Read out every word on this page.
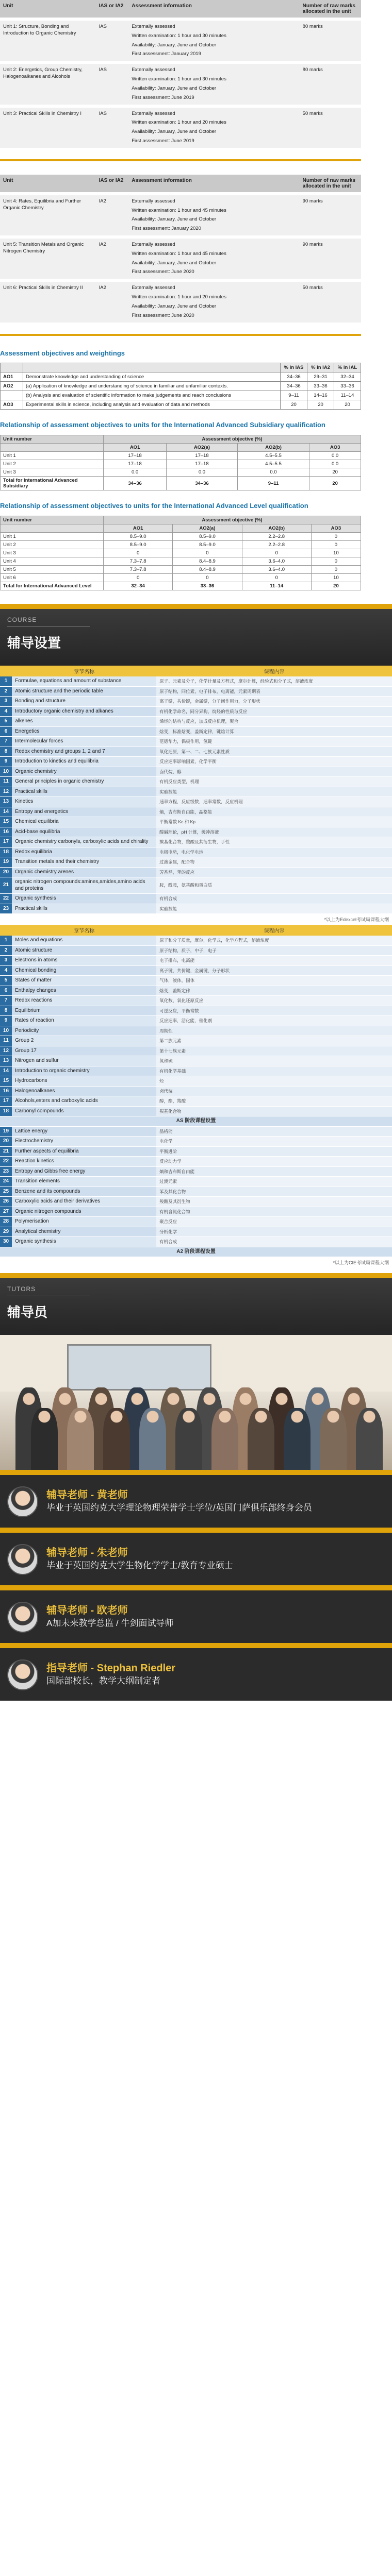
Unit	IAS or IA2	Assessment information	Number of raw marks allocated in the unit
Unit 1: Structure, Bonding and Introduction to Organic Chemistry	IAS	Externally assessed
Written examination: 1 hour and 30 minutes
Availability: January, June and October
First assessment: January 2019	80 marks
Unit 2: Energetics, Group Chemistry, Halogenoalkanes and Alcohols	IAS	Externally assessed
Written examination: 1 hour and 30 minutes
Availability: January, June and October
First assessment: June 2019	80 marks
Unit 3: Practical Skills in Chemistry I	IAS	Externally assessed
Written examination: 1 hour and 20 minutes
Availability: January, June and October
First assessment: June 2019	50 marks
Unit	IAS or IA2	Assessment information	Number of raw marks allocated in the unit
Unit 4: Rates, Equilibria and Further Organic Chemistry	IA2	Externally assessed
Written examination: 1 hour and 45 minutes
Availability: January, June and October
First assessment: January 2020	90 marks
Unit 5: Transition Metals and Organic Nitrogen Chemistry	IA2	Externally assessed
Written examination: 1 hour and 45 minutes
Availability: January, June and October
First assessment: June 2020	90 marks
Unit 6: Practical Skills in Chemistry II	IA2	Externally assessed
Written examination: 1 hour and 20 minutes
Availability: January, June and October
First assessment: June 2020	50 marks
Assessment objectives and weightings
		% in IAS	% in IA2	% in IAL
AO1	Demonstrate knowledge and understanding of science	34–36	29–31	32–34
AO2	(a) Application of knowledge and understanding of science in familiar and unfamiliar contexts.	34–36	33–36	33–36
	(b) Analysis and evaluation of scientific information to make judgements and reach conclusions	9–11	14–16	11–14
AO3	Experimental skills in science, including analysis and evaluation of data and methods	20	20	20
Relationship of assessment objectives to units for the International Advanced Subsidiary qualification
Unit number	Assessment objective (%)			
	AO1	AO2(a)	AO2(b)	AO3
Unit 1	17–18	17–18	4.5–5.5	0.0
Unit 2	17–18	17–18	4.5–5.5	0.0
Unit 3	0.0	0.0	0.0	20
Total for International Advanced Subsidiary	34–36	34–36	9–11	20
Relationship of assessment objectives to units for the International Advanced Level qualification
Unit number	Assessment objective (%)			
	AO1	AO2(a)	AO2(b)	AO3
Unit 1	8.5–9.0	8.5–9.0	2.2–2.8	0
Unit 2	8.5–9.0	8.5–9.0	2.2–2.8	0
Unit 3	0	0	0	10
Unit 4	7.3–7.8	8.4–8.9	3.6–4.0	0
Unit 5	7.3–7.8	8.4–8.9	3.6–4.0	0
Unit 6	0	0	0	10
Total for International Advanced Level	32–34	33–36	11–14	20
COURSE
辅导设置
	章节名称	课程内容
1	Formulae, equations and amount of substance	原子、元素及分子，化学计量及方程式，摩尔计算，经验式和分子式，溶液浓度
2	Atomic structure and the periodic table	原子结构，同位素，电子排布，电离能，元素周期表
3	Bonding and structure	离子键，共价键，金属键，分子间作用力，分子形状
4	Introductory organic chemistry and alkanes	有机化学命名，同分异构，烷烃的性质与反应
5	alkenes	烯烃的结构与反应，加成反应机理，聚合
6	Energetics	焓变，标准焓变，盖斯定律，键焓计算
7	Intermolecular forces	范德华力，偶极作用，氢键
8	Redox chemistry and groups 1, 2 and 7	氧化还原，第一、二、七族元素性质
9	Introduction to kinetics and equilibria	反应速率影响因素，化学平衡
10	Organic chemistry	卤代烷、醇
11	General principles in organic chemistry	有机反应类型，机理
12	Practical skills	实验技能
13	Kinetics	速率方程，反应级数，速率常数，反应机理
14	Entropy and energetics	熵，吉布斯自由能，晶格能
15	Chemical equilibria	平衡常数 Kc 和 Kp
16	Acid-base equilibria	酸碱理论，pH 计算，缓冲溶液
17	Organic chemistry carbonyls, carboxylic acids and chirality	羰基化合物，羧酸及其衍生物，手性
18	Redox equilibria	电极电势，电化学电池
19	Transition metals and their chemistry	过渡金属，配合物
20	Organic chemistry arenes	芳香烃，苯的反应
21	organic nitrogen compounds:amines,amides,amino acids and proteins	胺，酰胺，氨基酸和蛋白质
22	Organic synthesis	有机合成
23	Practical skills	实验技能
*以上为Edexcel考试局课程大纲
	章节名称	课程内容
1	Moles and equations	原子和分子质量，摩尔，化学式，化学方程式，溶液浓度
2	Atomic structure	原子结构，质子，中子，电子
3	Electrons in atoms	电子排布，电离能
4	Chemical bonding	离子键，共价键，金属键，分子形状
5	States of matter	气体，液体，固体
6	Enthalpy changes	焓变，盖斯定律
7	Redox reactions	氧化数，氧化还原反应
8	Equilibrium	可逆反应，平衡常数
9	Rates of reaction	反应速率，活化能，催化剂
10	Periodicity	周期性
11	Group 2	第二族元素
12	Group 17	第十七族元素
13	Nitrogen and sulfur	氮和硫
14	Introduction to organic chemistry	有机化学基础
15	Hydrocarbons	烃
16	Halogenoalkanes	卤代烷
17	Alcohols,esters and carboxylic acids	醇，酯，羧酸
18	Carbonyl compounds	羰基化合物
AS 阶段课程设置		
19	Lattice energy	晶格能
20	Electrochemistry	电化学
21	Further aspects of equilibria	平衡进阶
22	Reaction kinetics	反应动力学
23	Entropy and Gibbs free energy	熵和吉布斯自由能
24	Transition elements	过渡元素
25	Benzene and its compounds	苯及其化合物
26	Carboxylic acids and their derivatives	羧酸及其衍生物
27	Organic nitrogen compounds	有机含氮化合物
28	Polymerisation	聚合反应
29	Analytical chemistry	分析化学
30	Organic synthesis	有机合成
A2 阶段课程设置		
*以上为CIE考试局课程大纲
TUTORS
辅导员
辅导老师 - 黄老师
毕业于英国约克大学理论物理荣誉学士学位/英国门萨俱乐部终身会员
辅导老师 - 朱老师
毕业于英国约克大学生物化学学士/教育专业硕士
辅导老师 - 欧老师
A加未来教学总监 / 牛剑面试导师
指导老师 - Stephan Riedler
国际部校长，教学大纲制定者
